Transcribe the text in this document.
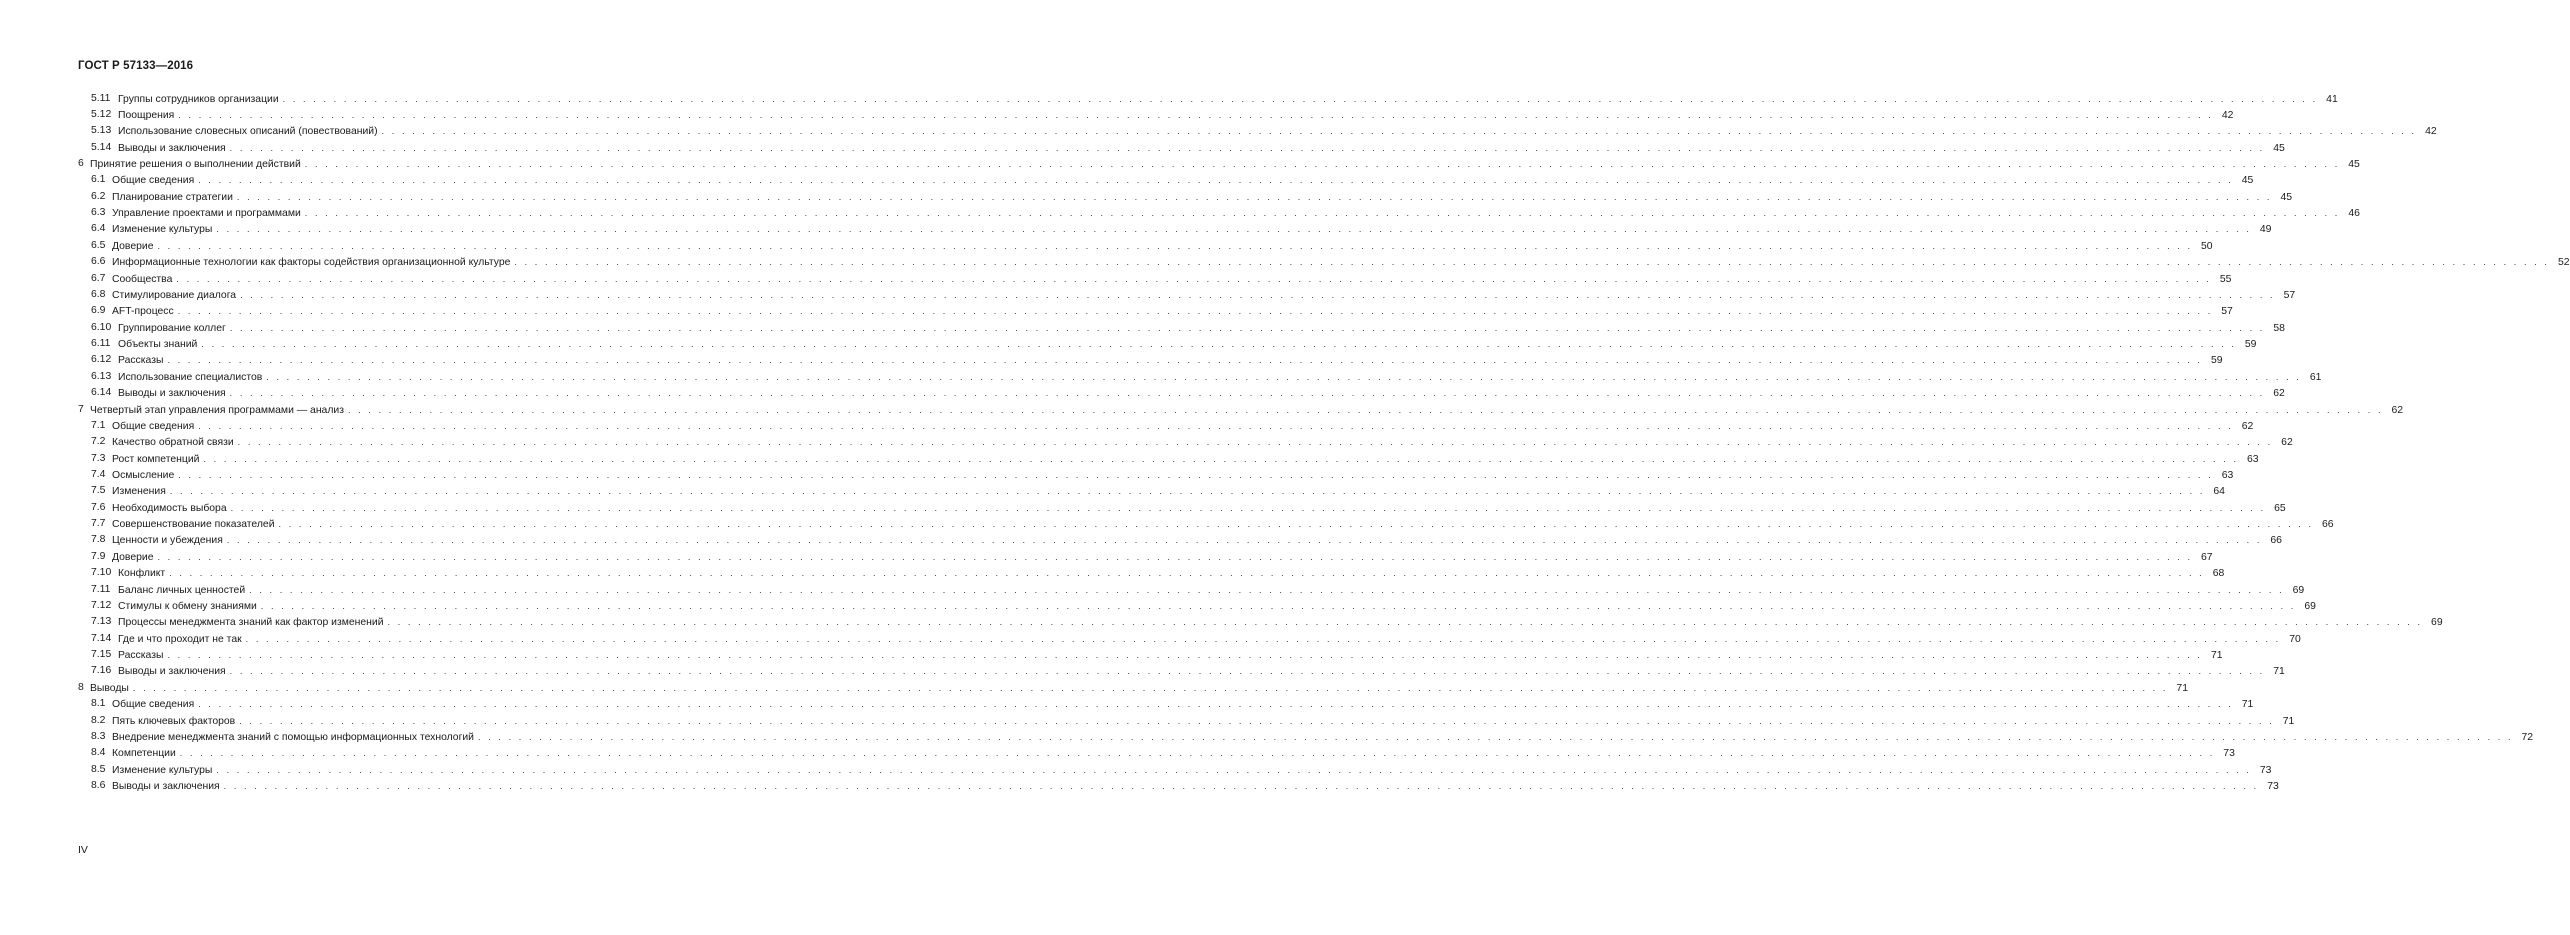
ГОСТ Р 57133—2016
5.11 Группы сотрудников организации . . . . . . . . . . . . . . . . . . . . . . . . . . . . . . . . . . . . . . . . . . . . . . . . . . . . . . . . . . . . . . . . . . . . . . . . . . . . . . . . . . . . . . . . . . . . . . . . . . . . . . . . . . . . . . . . . . . . . . . . . . . . . . . . . . . . . . . . . . . . . . . . . . . . . . . . . . . . . . . . . . . . . . . . . . . . . . . . . . . . . . . . . . . . . . . . . . . . . . . . 41
5.12 Поощрения . . . . . . . . . . . . . . . . . . . . . . . . . . . . . . . . . . . . . . . . . . . . . . . . . . . . . . . . . . . . . . . . . . . . . . . . . . . . . . . . . . . . . . . . . . . . . . . . . . . . . . . . . . . . . . . . . . . . . . . . . . . . . . . . . . . . . . . . . . . . . . . . . . . . . . . . . . . . . . . . . . . . . . . . . . . . . . . . . . . . . . . . . . . . . . . . . . . . . . . . 42
5.13 Использование словесных описаний (повествований) . . . . . . . . . . . . . . . . . . . . . . . . . . . . . . . . . . . . . . . . . . . . . . . . . . . . . . . . . . . . . . . . . . . . . . . . . . . . . . . . . . . . . . . . . . . . . . . . . . . . . . . . . . . . . . . . . . . . . . . . . . . . . . . . . . . . . . . . . . . . . . . . . . . . . . . . . . . . . . . . . . . . . . . . . . . . . . . . . . . . . . . . . . . . . . . . . . . . . . . . 42
5.14 Выводы и заключения . . . . . . . . . . . . . . . . . . . . . . . . . . . . . . . . . . . . . . . . . . . . . . . . . . . . . . . . . . . . . . . . . . . . . . . . . . . . . . . . . . . . . . . . . . . . . . . . . . . . . . . . . . . . . . . . . . . . . . . . . . . . . . . . . . . . . . . . . . . . . . . . . . . . . . . . . . . . . . . . . . . . . . . . . . . . . . . . . . . . . . . . . . . . . . . . . . . . . . . . 45
6 Принятие решения о выполнении действий . . . . . . . . . . . . . . . . . . . . . . . . . . . . . . . . . . . . . . . . . . . . . . . . . . . . . . . . . . . . . . . . . . . . . . . . . . . . . . . . . . . . . . . . . . . . . . . . . . . . . . . . . . . . . . . . . . . . . . . . . . . . . . . . . . . . . . . . . . . . . . . . . . . . . . . . . . . . . . . . . . . . . . . . . . . . . . . . . . . . . . . . . . . . . . . . . . . . . . . . 45
6.1 Общие сведения . . . . . . . . . . . . . . . . . . . . . . . . . . . . . . . . . . . . . . . . . . . . . . . . . . . . . . . . . . . . . . . . . . . . . . . . . . . . . . . . . . . . . . . . . . . . . . . . . . . . . . . . . . . . . . . . . . . . . . . . . . . . . . . . . . . . . . . . . . . . . . . . . . . . . . . . . . . . . . . . . . . . . . . . . . . . . . . . . . . . . . . . . . . . . . . . . . . . . . . . 45
6.2 Планирование стратегии . . . . . . . . . . . . . . . . . . . . . . . . . . . . . . . . . . . . . . . . . . . . . . . . . . . . . . . . . . . . . . . . . . . . . . . . . . . . . . . . . . . . . . . . . . . . . . . . . . . . . . . . . . . . . . . . . . . . . . . . . . . . . . . . . . . . . . . . . . . . . . . . . . . . . . . . . . . . . . . . . . . . . . . . . . . . . . . . . . . . . . . . . . . . . . . . . . . . . . . . 45
6.3 Управление проектами и программами . . . . . . . . . . . . . . . . . . . . . . . . . . . . . . . . . . . . . . . . . . . . . . . . . . . . . . . . . . . . . . . . . . . . . . . . . . . . . . . . . . . . . . . . . . . . . . . . . . . . . . . . . . . . . . . . . . . . . . . . . . . . . . . . . . . . . . . . . . . . . . . . . . . . . . . . . . . . . . . . . . . . . . . . . . . . . . . . . . . . . . . . . . . . . . . . . . . . . . . . 46
6.4 Изменение культуры . . . . . . . . . . . . . . . . . . . . . . . . . . . . . . . . . . . . . . . . . . . . . . . . . . . . . . . . . . . . . . . . . . . . . . . . . . . . . . . . . . . . . . . . . . . . . . . . . . . . . . . . . . . . . . . . . . . . . . . . . . . . . . . . . . . . . . . . . . . . . . . . . . . . . . . . . . . . . . . . . . . . . . . . . . . . . . . . . . . . . . . . . . . . . . . . . . . . . . . . 49
6.5 Доверие . . . . . . . . . . . . . . . . . . . . . . . . . . . . . . . . . . . . . . . . . . . . . . . . . . . . . . . . . . . . . . . . . . . . . . . . . . . . . . . . . . . . . . . . . . . . . . . . . . . . . . . . . . . . . . . . . . . . . . . . . . . . . . . . . . . . . . . . . . . . . . . . . . . . . . . . . . . . . . . . . . . . . . . . . . . . . . . . . . . . . . . . . . . . . . . . . . . . . . . . 50
6.6 Информационные технологии как факторы содействия организационной культуре . . . . . . . . . . . . . . . . . . . . . . . . . . . . . . . . . . . . . . . . . . . . . . . . . . . . . . . . . . . . . . . . . . . . . . . . . . . . . . . . . . . . . . . . . . . . . . . . . . . . . . . . . . . . . . . . . . . . . . . . . . . . . . . . . . . . . . . . . . . . . . . . . . . . . . . . . . . . . . . . . . . . . . . . . . . . . . . . . . . . . . . . . . . . . . . . . . . . . . . . 52
6.7 Сообщества . . . . . . . . . . . . . . . . . . . . . . . . . . . . . . . . . . . . . . . . . . . . . . . . . . . . . . . . . . . . . . . . . . . . . . . . . . . . . . . . . . . . . . . . . . . . . . . . . . . . . . . . . . . . . . . . . . . . . . . . . . . . . . . . . . . . . . . . . . . . . . . . . . . . . . . . . . . . . . . . . . . . . . . . . . . . . . . . . . . . . . . . . . . . . . . . . . . . . . . . 55
6.8 Стимулирование диалога . . . . . . . . . . . . . . . . . . . . . . . . . . . . . . . . . . . . . . . . . . . . . . . . . . . . . . . . . . . . . . . . . . . . . . . . . . . . . . . . . . . . . . . . . . . . . . . . . . . . . . . . . . . . . . . . . . . . . . . . . . . . . . . . . . . . . . . . . . . . . . . . . . . . . . . . . . . . . . . . . . . . . . . . . . . . . . . . . . . . . . . . . . . . . . . . . . . . . . . . 57
6.9 AFT-процесс . . . . . . . . . . . . . . . . . . . . . . . . . . . . . . . . . . . . . . . . . . . . . . . . . . . . . . . . . . . . . . . . . . . . . . . . . . . . . . . . . . . . . . . . . . . . . . . . . . . . . . . . . . . . . . . . . . . . . . . . . . . . . . . . . . . . . . . . . . . . . . . . . . . . . . . . . . . . . . . . . . . . . . . . . . . . . . . . . . . . . . . . . . . . . . . . . . . . . . . . 57
6.10 Группирование коллег . . . . . . . . . . . . . . . . . . . . . . . . . . . . . . . . . . . . . . . . . . . . . . . . . . . . . . . . . . . . . . . . . . . . . . . . . . . . . . . . . . . . . . . . . . . . . . . . . . . . . . . . . . . . . . . . . . . . . . . . . . . . . . . . . . . . . . . . . . . . . . . . . . . . . . . . . . . . . . . . . . . . . . . . . . . . . . . . . . . . . . . . . . . . . . . . . . . . . . . . 58
6.11 Объекты знаний . . . . . . . . . . . . . . . . . . . . . . . . . . . . . . . . . . . . . . . . . . . . . . . . . . . . . . . . . . . . . . . . . . . . . . . . . . . . . . . . . . . . . . . . . . . . . . . . . . . . . . . . . . . . . . . . . . . . . . . . . . . . . . . . . . . . . . . . . . . . . . . . . . . . . . . . . . . . . . . . . . . . . . . . . . . . . . . . . . . . . . . . . . . . . . . . . . . . . . . . 59
6.12 Рассказы . . . . . . . . . . . . . . . . . . . . . . . . . . . . . . . . . . . . . . . . . . . . . . . . . . . . . . . . . . . . . . . . . . . . . . . . . . . . . . . . . . . . . . . . . . . . . . . . . . . . . . . . . . . . . . . . . . . . . . . . . . . . . . . . . . . . . . . . . . . . . . . . . . . . . . . . . . . . . . . . . . . . . . . . . . . . . . . . . . . . . . . . . . . . . . . . . . . . . . . . 59
6.13 Использование специалистов . . . . . . . . . . . . . . . . . . . . . . . . . . . . . . . . . . . . . . . . . . . . . . . . . . . . . . . . . . . . . . . . . . . . . . . . . . . . . . . . . . . . . . . . . . . . . . . . . . . . . . . . . . . . . . . . . . . . . . . . . . . . . . . . . . . . . . . . . . . . . . . . . . . . . . . . . . . . . . . . . . . . . . . . . . . . . . . . . . . . . . . . . . . . . . . . . . . . . . . . 61
6.14 Выводы и заключения . . . . . . . . . . . . . . . . . . . . . . . . . . . . . . . . . . . . . . . . . . . . . . . . . . . . . . . . . . . . . . . . . . . . . . . . . . . . . . . . . . . . . . . . . . . . . . . . . . . . . . . . . . . . . . . . . . . . . . . . . . . . . . . . . . . . . . . . . . . . . . . . . . . . . . . . . . . . . . . . . . . . . . . . . . . . . . . . . . . . . . . . . . . . . . . . . . . . . . . . 62
7 Четвертый этап управления программами — анализ . . . . . . . . . . . . . . . . . . . . . . . . . . . . . . . . . . . . . . . . . . . . . . . . . . . . . . . . . . . . . . . . . . . . . . . . . . . . . . . . . . . . . . . . . . . . . . . . . . . . . . . . . . . . . . . . . . . . . . . . . . . . . . . . . . . . . . . . . . . . . . . . . . . . . . . . . . . . . . . . . . . . . . . . . . . . . . . . . . . . . . . . . . . . . . . . . . . . . . . . 62
7.1 Общие сведения . . . . . . . . . . . . . . . . . . . . . . . . . . . . . . . . . . . . . . . . . . . . . . . . . . . . . . . . . . . . . . . . . . . . . . . . . . . . . . . . . . . . . . . . . . . . . . . . . . . . . . . . . . . . . . . . . . . . . . . . . . . . . . . . . . . . . . . . . . . . . . . . . . . . . . . . . . . . . . . . . . . . . . . . . . . . . . . . . . . . . . . . . . . . . . . . . . . . . . . . 62
7.2 Качество обратной связи . . . . . . . . . . . . . . . . . . . . . . . . . . . . . . . . . . . . . . . . . . . . . . . . . . . . . . . . . . . . . . . . . . . . . . . . . . . . . . . . . . . . . . . . . . . . . . . . . . . . . . . . . . . . . . . . . . . . . . . . . . . . . . . . . . . . . . . . . . . . . . . . . . . . . . . . . . . . . . . . . . . . . . . . . . . . . . . . . . . . . . . . . . . . . . . . . . . . . . . . 62
7.3 Рост компетенций . . . . . . . . . . . . . . . . . . . . . . . . . . . . . . . . . . . . . . . . . . . . . . . . . . . . . . . . . . . . . . . . . . . . . . . . . . . . . . . . . . . . . . . . . . . . . . . . . . . . . . . . . . . . . . . . . . . . . . . . . . . . . . . . . . . . . . . . . . . . . . . . . . . . . . . . . . . . . . . . . . . . . . . . . . . . . . . . . . . . . . . . . . . . . . . . . . . . . . . . 63
7.4 Осмысление . . . . . . . . . . . . . . . . . . . . . . . . . . . . . . . . . . . . . . . . . . . . . . . . . . . . . . . . . . . . . . . . . . . . . . . . . . . . . . . . . . . . . . . . . . . . . . . . . . . . . . . . . . . . . . . . . . . . . . . . . . . . . . . . . . . . . . . . . . . . . . . . . . . . . . . . . . . . . . . . . . . . . . . . . . . . . . . . . . . . . . . . . . . . . . . . . . . . . . . . 63
7.5 Изменения . . . . . . . . . . . . . . . . . . . . . . . . . . . . . . . . . . . . . . . . . . . . . . . . . . . . . . . . . . . . . . . . . . . . . . . . . . . . . . . . . . . . . . . . . . . . . . . . . . . . . . . . . . . . . . . . . . . . . . . . . . . . . . . . . . . . . . . . . . . . . . . . . . . . . . . . . . . . . . . . . . . . . . . . . . . . . . . . . . . . . . . . . . . . . . . . . . . . . . . . 64
7.6 Необходимость выбора . . . . . . . . . . . . . . . . . . . . . . . . . . . . . . . . . . . . . . . . . . . . . . . . . . . . . . . . . . . . . . . . . . . . . . . . . . . . . . . . . . . . . . . . . . . . . . . . . . . . . . . . . . . . . . . . . . . . . . . . . . . . . . . . . . . . . . . . . . . . . . . . . . . . . . . . . . . . . . . . . . . . . . . . . . . . . . . . . . . . . . . . . . . . . . . . . . . . . . . . 65
7.7 Совершенствование показателей . . . . . . . . . . . . . . . . . . . . . . . . . . . . . . . . . . . . . . . . . . . . . . . . . . . . . . . . . . . . . . . . . . . . . . . . . . . . . . . . . . . . . . . . . . . . . . . . . . . . . . . . . . . . . . . . . . . . . . . . . . . . . . . . . . . . . . . . . . . . . . . . . . . . . . . . . . . . . . . . . . . . . . . . . . . . . . . . . . . . . . . . . . . . . . . . . . . . . . . . 66
7.8 Ценности и убеждения . . . . . . . . . . . . . . . . . . . . . . . . . . . . . . . . . . . . . . . . . . . . . . . . . . . . . . . . . . . . . . . . . . . . . . . . . . . . . . . . . . . . . . . . . . . . . . . . . . . . . . . . . . . . . . . . . . . . . . . . . . . . . . . . . . . . . . . . . . . . . . . . . . . . . . . . . . . . . . . . . . . . . . . . . . . . . . . . . . . . . . . . . . . . . . . . . . . . . . . . 66
7.9 Доверие . . . . . . . . . . . . . . . . . . . . . . . . . . . . . . . . . . . . . . . . . . . . . . . . . . . . . . . . . . . . . . . . . . . . . . . . . . . . . . . . . . . . . . . . . . . . . . . . . . . . . . . . . . . . . . . . . . . . . . . . . . . . . . . . . . . . . . . . . . . . . . . . . . . . . . . . . . . . . . . . . . . . . . . . . . . . . . . . . . . . . . . . . . . . . . . . . . . . . . . . 67
7.10 Конфликт . . . . . . . . . . . . . . . . . . . . . . . . . . . . . . . . . . . . . . . . . . . . . . . . . . . . . . . . . . . . . . . . . . . . . . . . . . . . . . . . . . . . . . . . . . . . . . . . . . . . . . . . . . . . . . . . . . . . . . . . . . . . . . . . . . . . . . . . . . . . . . . . . . . . . . . . . . . . . . . . . . . . . . . . . . . . . . . . . . . . . . . . . . . . . . . . . . . . . . . . 68
7.11 Баланс личных ценностей . . . . . . . . . . . . . . . . . . . . . . . . . . . . . . . . . . . . . . . . . . . . . . . . . . . . . . . . . . . . . . . . . . . . . . . . . . . . . . . . . . . . . . . . . . . . . . . . . . . . . . . . . . . . . . . . . . . . . . . . . . . . . . . . . . . . . . . . . . . . . . . . . . . . . . . . . . . . . . . . . . . . . . . . . . . . . . . . . . . . . . . . . . . . . . . . . . . . . . . . 69
7.12 Стимулы к обмену знаниями . . . . . . . . . . . . . . . . . . . . . . . . . . . . . . . . . . . . . . . . . . . . . . . . . . . . . . . . . . . . . . . . . . . . . . . . . . . . . . . . . . . . . . . . . . . . . . . . . . . . . . . . . . . . . . . . . . . . . . . . . . . . . . . . . . . . . . . . . . . . . . . . . . . . . . . . . . . . . . . . . . . . . . . . . . . . . . . . . . . . . . . . . . . . . . . . . . . . . . . . 69
7.13 Процессы менеджмента знаний как фактор изменений . . . . . . . . . . . . . . . . . . . . . . . . . . . . . . . . . . . . . . . . . . . . . . . . . . . . . . . . . . . . . . . . . . . . . . . . . . . . . . . . . . . . . . . . . . . . . . . . . . . . . . . . . . . . . . . . . . . . . . . . . . . . . . . . . . . . . . . . . . . . . . . . . . . . . . . . . . . . . . . . . . . . . . . . . . . . . . . . . . . . . . . . . . . . . . . . . . . . . . . . 69
7.14 Где и что проходит не так . . . . . . . . . . . . . . . . . . . . . . . . . . . . . . . . . . . . . . . . . . . . . . . . . . . . . . . . . . . . . . . . . . . . . . . . . . . . . . . . . . . . . . . . . . . . . . . . . . . . . . . . . . . . . . . . . . . . . . . . . . . . . . . . . . . . . . . . . . . . . . . . . . . . . . . . . . . . . . . . . . . . . . . . . . . . . . . . . . . . . . . . . . . . . . . . . . . . . . . . 70
7.15 Рассказы . . . . . . . . . . . . . . . . . . . . . . . . . . . . . . . . . . . . . . . . . . . . . . . . . . . . . . . . . . . . . . . . . . . . . . . . . . . . . . . . . . . . . . . . . . . . . . . . . . . . . . . . . . . . . . . . . . . . . . . . . . . . . . . . . . . . . . . . . . . . . . . . . . . . . . . . . . . . . . . . . . . . . . . . . . . . . . . . . . . . . . . . . . . . . . . . . . . . . . . . 71
7.16 Выводы и заключения . . . . . . . . . . . . . . . . . . . . . . . . . . . . . . . . . . . . . . . . . . . . . . . . . . . . . . . . . . . . . . . . . . . . . . . . . . . . . . . . . . . . . . . . . . . . . . . . . . . . . . . . . . . . . . . . . . . . . . . . . . . . . . . . . . . . . . . . . . . . . . . . . . . . . . . . . . . . . . . . . . . . . . . . . . . . . . . . . . . . . . . . . . . . . . . . . . . . . . . . 71
8 Выводы . . . . . . . . . . . . . . . . . . . . . . . . . . . . . . . . . . . . . . . . . . . . . . . . . . . . . . . . . . . . . . . . . . . . . . . . . . . . . . . . . . . . . . . . . . . . . . . . . . . . . . . . . . . . . . . . . . . . . . . . . . . . . . . . . . . . . . . . . . . . . . . . . . . . . . . . . . . . . . . . . . . . . . . . . . . . . . . . . . . . . . . . . . . . . . . . . . . . . . . . 71
8.1 Общие сведения . . . . . . . . . . . . . . . . . . . . . . . . . . . . . . . . . . . . . . . . . . . . . . . . . . . . . . . . . . . . . . . . . . . . . . . . . . . . . . . . . . . . . . . . . . . . . . . . . . . . . . . . . . . . . . . . . . . . . . . . . . . . . . . . . . . . . . . . . . . . . . . . . . . . . . . . . . . . . . . . . . . . . . . . . . . . . . . . . . . . . . . . . . . . . . . . . . . . . . . . 71
8.2 Пять ключевых факторов . . . . . . . . . . . . . . . . . . . . . . . . . . . . . . . . . . . . . . . . . . . . . . . . . . . . . . . . . . . . . . . . . . . . . . . . . . . . . . . . . . . . . . . . . . . . . . . . . . . . . . . . . . . . . . . . . . . . . . . . . . . . . . . . . . . . . . . . . . . . . . . . . . . . . . . . . . . . . . . . . . . . . . . . . . . . . . . . . . . . . . . . . . . . . . . . . . . . . . . . 71
8.3 Внедрение менеджмента знаний с помощью информационных технологий . . . . . . . . . . . . . . . . . . . . . . . . . . . . . . . . . . . . . . . . . . . . . . . . . . . . . . . . . . . . . . . . . . . . . . . . . . . . . . . . . . . . . . . . . . . . . . . . . . . . . . . . . . . . . . . . . . . . . . . . . . . . . . . . . . . . . . . . . . . . . . . . . . . . . . . . . . . . . . . . . . . . . . . . . . . . . . . . . . . . . . . . . . . . . . . . . . . . . . . . 72
8.4 Компетенции . . . . . . . . . . . . . . . . . . . . . . . . . . . . . . . . . . . . . . . . . . . . . . . . . . . . . . . . . . . . . . . . . . . . . . . . . . . . . . . . . . . . . . . . . . . . . . . . . . . . . . . . . . . . . . . . . . . . . . . . . . . . . . . . . . . . . . . . . . . . . . . . . . . . . . . . . . . . . . . . . . . . . . . . . . . . . . . . . . . . . . . . . . . . . . . . . . . . . . . . 73
8.5 Изменение культуры . . . . . . . . . . . . . . . . . . . . . . . . . . . . . . . . . . . . . . . . . . . . . . . . . . . . . . . . . . . . . . . . . . . . . . . . . . . . . . . . . . . . . . . . . . . . . . . . . . . . . . . . . . . . . . . . . . . . . . . . . . . . . . . . . . . . . . . . . . . . . . . . . . . . . . . . . . . . . . . . . . . . . . . . . . . . . . . . . . . . . . . . . . . . . . . . . . . . . . . . 73
8.6 Выводы и заключения . . . . . . . . . . . . . . . . . . . . . . . . . . . . . . . . . . . . . . . . . . . . . . . . . . . . . . . . . . . . . . . . . . . . . . . . . . . . . . . . . . . . . . . . . . . . . . . . . . . . . . . . . . . . . . . . . . . . . . . . . . . . . . . . . . . . . . . . . . . . . . . . . . . . . . . . . . . . . . . . . . . . . . . . . . . . . . . . . . . . . . . . . . . . . . . . . . . . . . . . 73
IV
